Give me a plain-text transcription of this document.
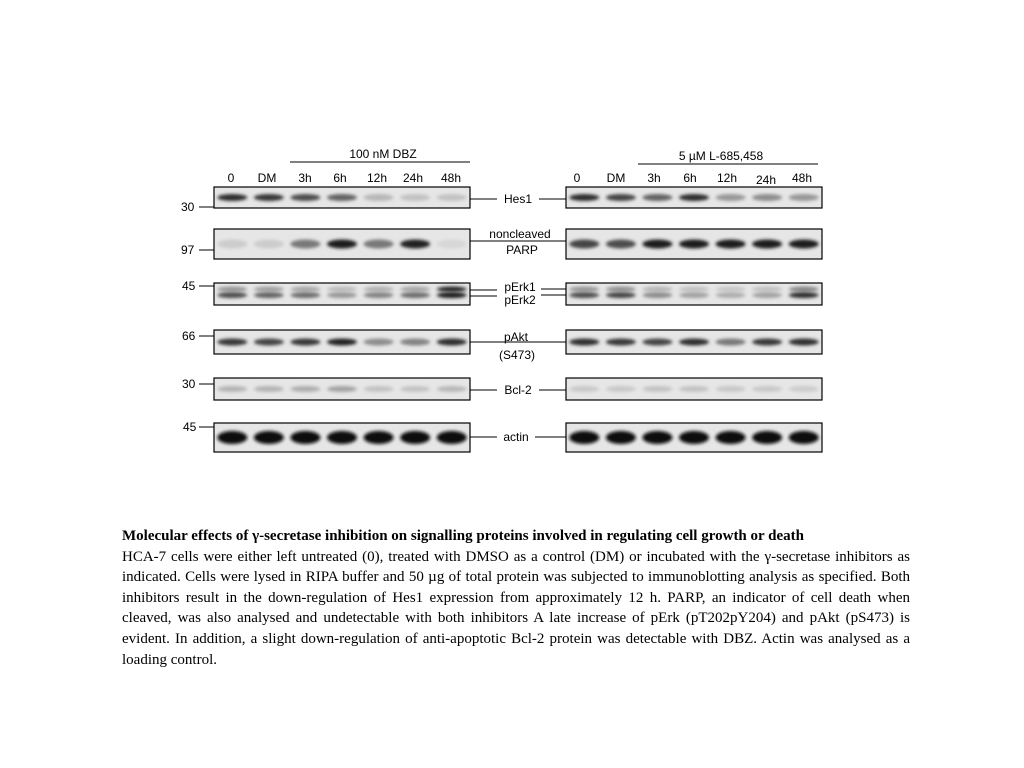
100 nM DBZ	5 µM L-685,458
0 DM 3h 6h 12h 24h 48h	0 DM 3h 6h 12h 24h 48h
30
97
45
66
30
45
Hes1
noncleaved
PARP
pErk1
pErk2
pAkt
(S473)
Bcl-2
actin
Molecular effects of γ-secretase inhibition on signalling proteins involved in regulating cell growth or death
HCA-7 cells were either left untreated (0), treated with DMSO as a control (DM) or incubated with the γ-secretase inhibitors as indicated. Cells were lysed in RIPA buffer and 50 µg of total protein was subjected to immunoblotting analysis as specified. Both inhibitors result in the down-regulation of Hes1 expression from approximately 12 h. PARP, an indicator of cell death when cleaved, was also analysed and undetectable with both inhibitors A late increase of pErk (pT202pY204) and pAkt (pS473) is evident. In addition, a slight down-regulation of anti-apoptotic Bcl-2 protein was detectable with DBZ. Actin was analysed as a loading control.
